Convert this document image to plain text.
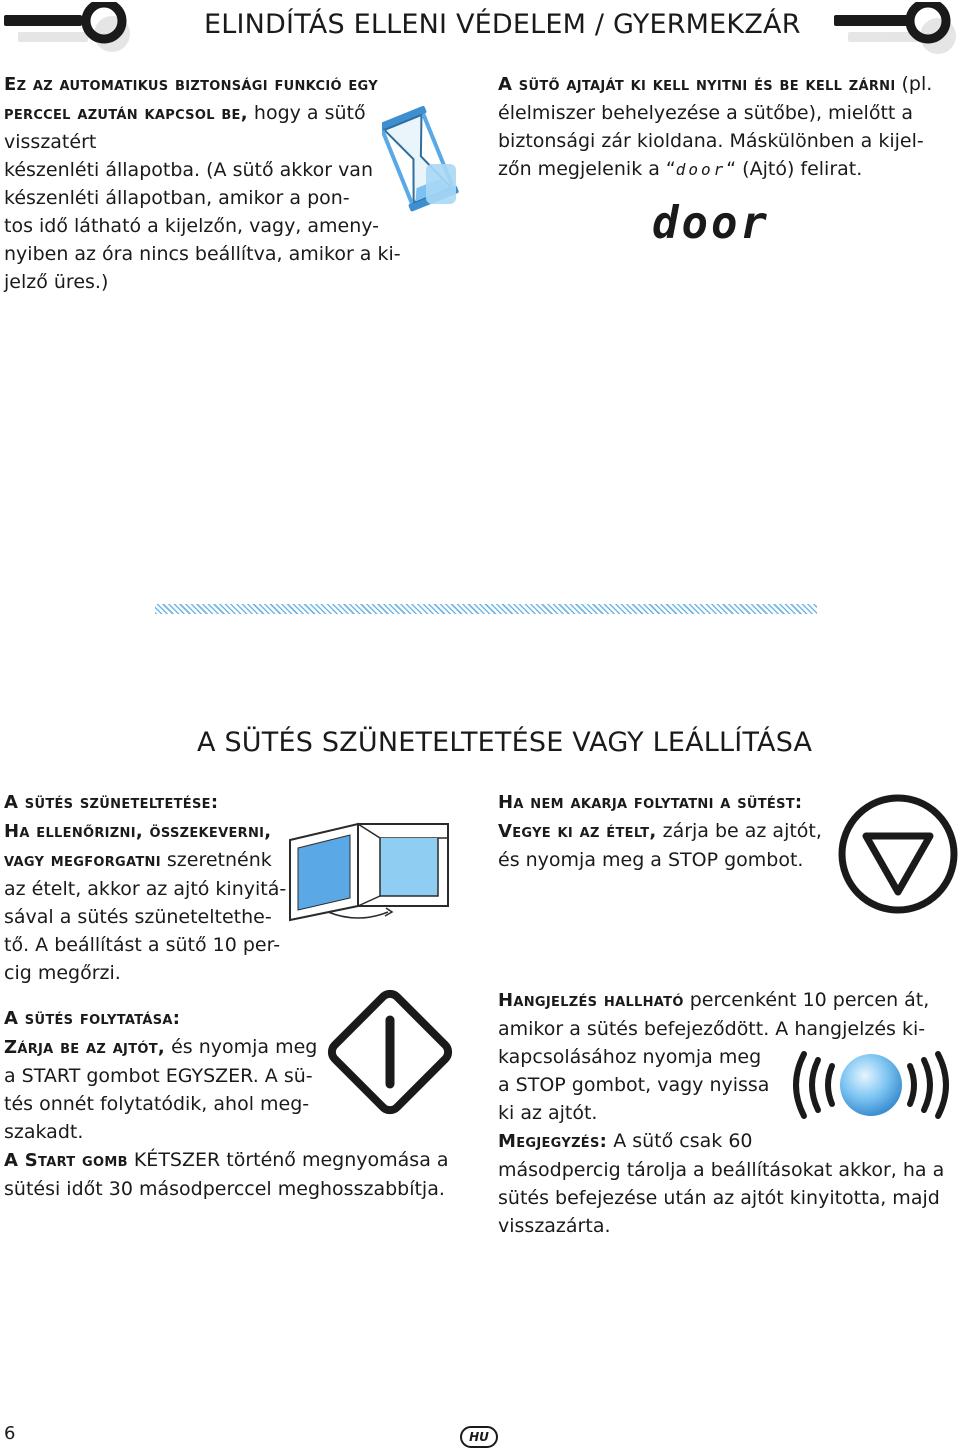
ELINDÍTÁS ELLENI VÉDELEM / GYERMEKZÁR

Ez az automatikus biztonsági funkció egy perccel azután kapcsol be, hogy a sütő visszatért
készenléti állapotba. (A sütő akkor van
készenléti állapotban, amikor a pon-
tos idő látható a kijelzőn, vagy, ameny-
nyiben az óra nincs beállítva, amikor a ki-
jelző üres.)

A sütő ajtaját ki kell nyitni és be kell zárni (pl.
élelmiszer behelyezése a sütőbe), mielőtt a
biztonsági zár kioldana. Máskülönben a kijel-
zőn megjelenik a “door“ (Ajtó) felirat.

door
A SÜTÉS SZÜNETELTETÉSE VAGY LEÁLLÍTÁSA

A sütés szüneteltetése:
Ha ellenőrizni, összekeverni, vagy megforgatni szeretnénk
az ételt, akkor az ajtó kinyitá-
sával a sütés szüneteltethe-
tő. A beállítást a sütő 10 per-
cig megőrzi.

A sütés folytatása:
Zárja be az ajtót, és nyomja meg
a START gombot EGYSZER. A sü-
tés onnét folytatódik, ahol meg-
szakadt.
A Start gomb KÉTSZER történő megnyomása a
sütési időt 30 másodperccel meghosszabbítja.

Ha nem akarja folytatni a sütést:
Vegye ki az ételt, zárja be az ajtót,
és nyomja meg a STOP gombot.

Hangjelzés hallható percenként 10 percen át,
amikor a sütés befejeződött. A hangjelzés ki-
kapcsolásához nyomja meg
a STOP gombot, vagy nyissa
ki az ajtót.
Megjegyzés: A sütő csak 60
másodpercig tárolja a beállításokat akkor, ha a
sütés befejezése után az ajtót kinyitotta, majd
visszazárta.

6	HU
